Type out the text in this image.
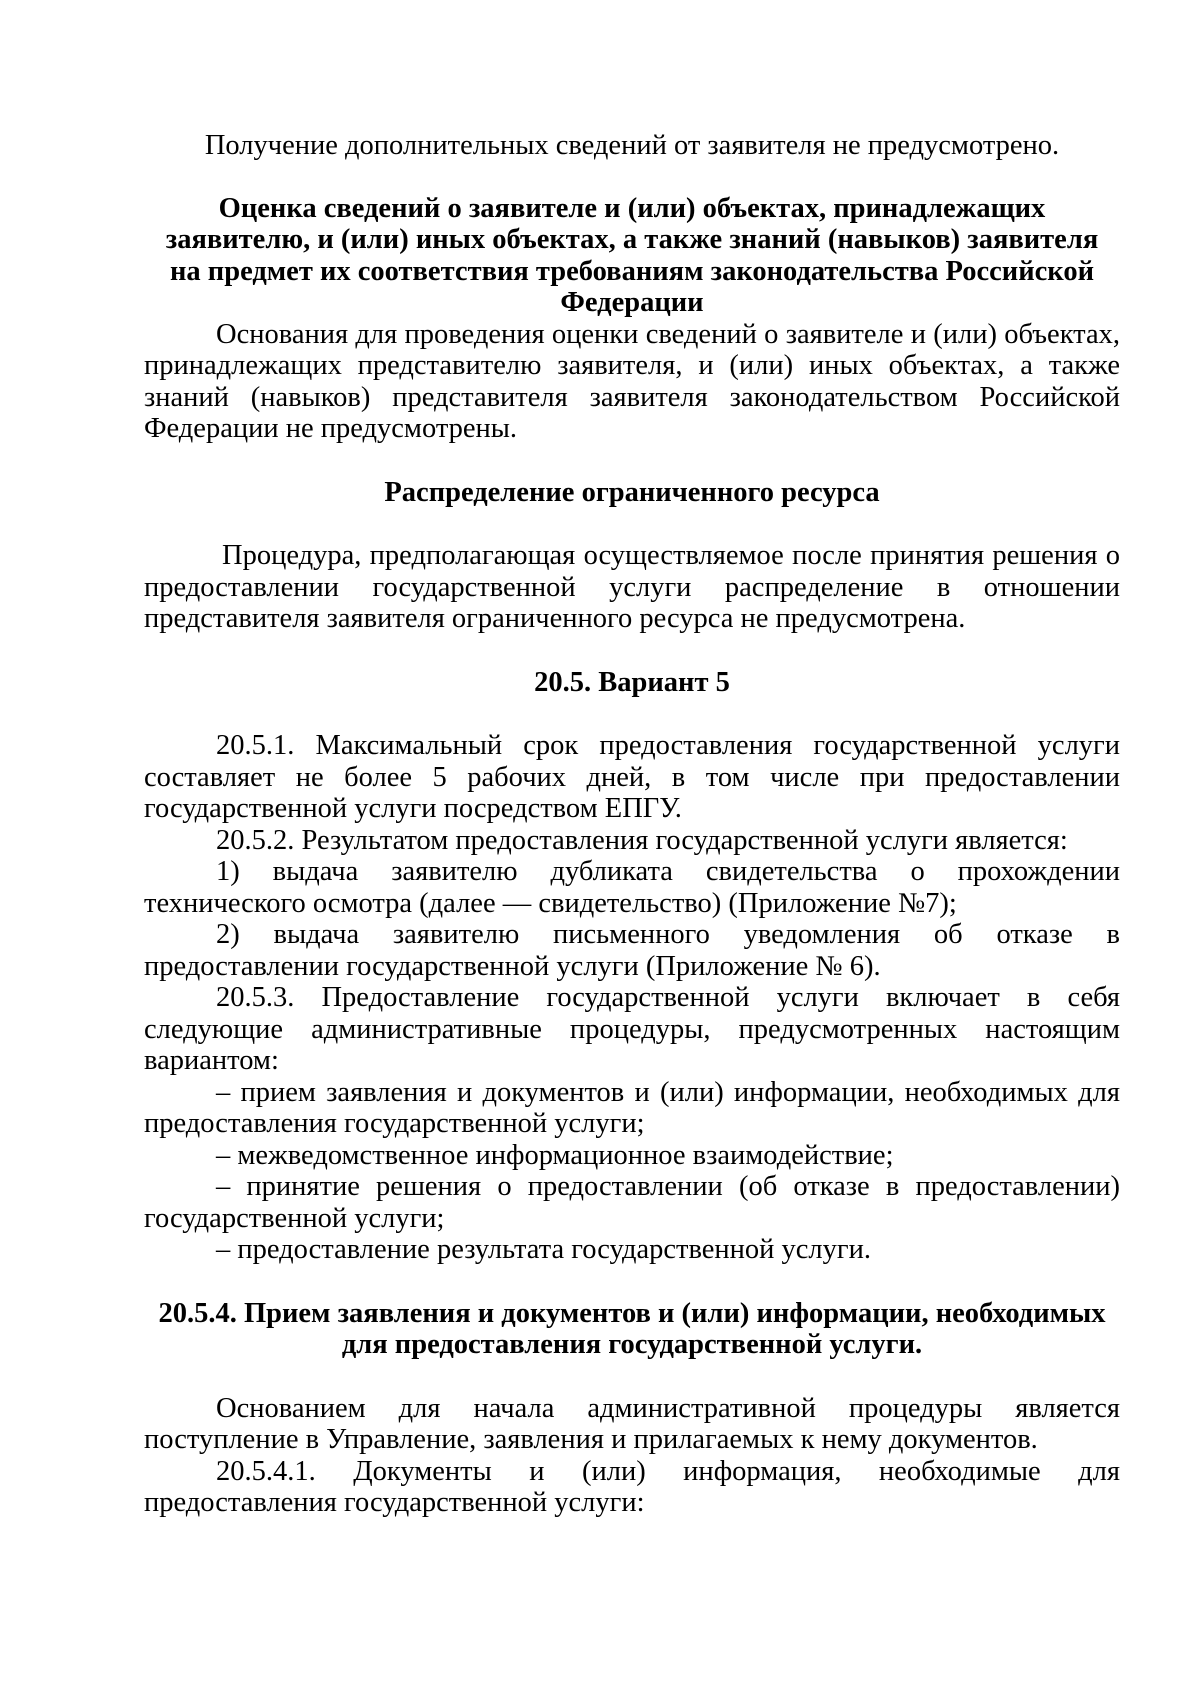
Получение дополнительных сведений от заявителя не предусмотрено.

Оценка сведений о заявителе и (или) объектах, принадлежащих заявителю, и (или) иных объектах, а также знаний (навыков) заявителя на предмет их соответствия требованиям законодательства Российской Федерации

Основания для проведения оценки сведений о заявителе и (или) объектах, принадлежащих представителю заявителя, и (или) иных объектах, а также знаний (навыков) представителя заявителя законодательством Российской Федерации не предусмотрены.

Распределение ограниченного ресурса

Процедура, предполагающая осуществляемое после принятия решения о предоставлении государственной услуги распределение в отношении представителя заявителя ограниченного ресурса не предусмотрена.

20.5. Вариант 5

20.5.1. Максимальный срок предоставления государственной услуги составляет не более 5 рабочих дней, в том числе при предоставлении государственной услуги посредством ЕПГУ.

20.5.2. Результатом предоставления государственной услуги является:

1) выдача заявителю дубликата свидетельства о прохождении технического осмотра (далее — свидетельство) (Приложение №7);

2) выдача заявителю письменного уведомления об отказе в предоставлении государственной услуги (Приложение № 6).

20.5.3. Предоставление государственной услуги включает в себя следующие административные процедуры, предусмотренных настоящим вариантом:

– прием заявления и документов и (или) информации, необходимых для предоставления государственной услуги;

– межведомственное информационное взаимодействие;

– принятие решения о предоставлении (об отказе в предоставлении) государственной услуги;

– предоставление результата государственной услуги.

20.5.4. Прием заявления и документов и (или) информации, необходимых для предоставления государственной услуги.

Основанием для начала административной процедуры является поступление в Управление, заявления и прилагаемых к нему документов.

20.5.4.1. Документы и (или) информация, необходимые для предоставления государственной услуги:
